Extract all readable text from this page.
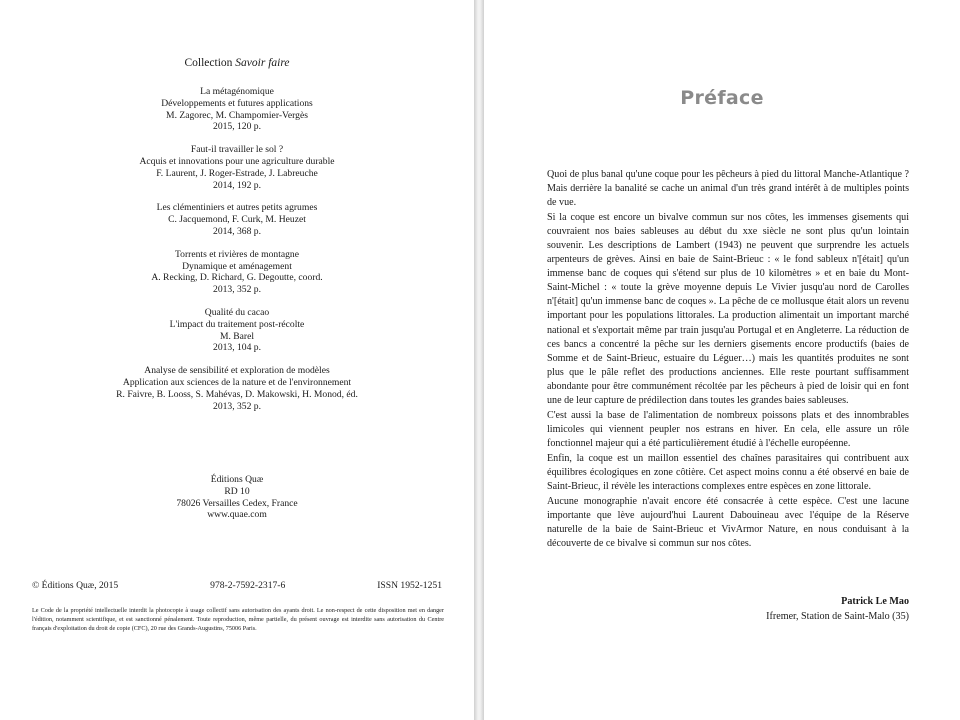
Collection Savoir faire
La métagénomique
Développements et futures applications
M. Zagorec, M. Champomier-Vergès
2015, 120 p.
Faut-il travailler le sol ?
Acquis et innovations pour une agriculture durable
F. Laurent, J. Roger-Estrade, J. Labreuche
2014, 192 p.
Les clémentiniers et autres petits agrumes
C. Jacquemond, F. Curk, M. Heuzet
2014, 368 p.
Torrents et rivières de montagne
Dynamique et aménagement
A. Recking, D. Richard, G. Degoutte, coord.
2013, 352 p.
Qualité du cacao
L'impact du traitement post-récolte
M. Barel
2013, 104 p.
Analyse de sensibilité et exploration de modèles
Application aux sciences de la nature et de l'environnement
R. Faivre, B. Looss, S. Mahévas, D. Makowski, H. Monod, éd.
2013, 352 p.
Éditions Quæ
RD 10
78026 Versailles Cedex, France
www.quae.com
© Éditions Quæ, 2015	978-2-7592-2317-6	ISSN 1952-1251
Le Code de la propriété intellectuelle interdit la photocopie à usage collectif sans autorisation des ayants droit. Le non-respect de cette disposition met en danger l'édition, notamment scientifique, et est sanctionné pénalement. Toute reproduction, même partielle, du présent ouvrage est interdite sans autorisation du Centre français d'exploitation du droit de copie (CFC), 20 rue des Grands-Augustins, 75006 Paris.
Préface

Quoi de plus banal qu'une coque pour les pêcheurs à pied du littoral Manche-Atlantique ? Mais derrière la banalité se cache un animal d'un très grand intérêt à de multiples points de vue.

Si la coque est encore un bivalve commun sur nos côtes, les immenses gisements qui couvraient nos baies sableuses au début du xxe siècle ne sont plus qu'un lointain souvenir. Les descriptions de Lambert (1943) ne peuvent que surprendre les actuels arpenteurs de grèves. Ainsi en baie de Saint-Brieuc : « le fond sableux n'[était] qu'un immense banc de coques qui s'étend sur plus de 10 kilomètres » et en baie du Mont-Saint-Michel : « toute la grève moyenne depuis Le Vivier jusqu'au nord de Carolles n'[était] qu'un immense banc de coques ». La pêche de ce mollusque était alors un revenu important pour les populations littorales. La production alimentait un important marché national et s'exportait même par train jusqu'au Portugal et en Angleterre. La réduction de ces bancs a concentré la pêche sur les derniers gisements encore productifs (baies de Somme et de Saint-Brieuc, estuaire du Léguer…) mais les quantités produites ne sont plus que le pâle reflet des productions anciennes. Elle reste pourtant suffisamment abondante pour être communément récoltée par les pêcheurs à pied de loisir qui en font une de leur capture de prédilection dans toutes les grandes baies sableuses.

C'est aussi la base de l'alimentation de nombreux poissons plats et des innombrables limicoles qui viennent peupler nos estrans en hiver. En cela, elle assure un rôle fonctionnel majeur qui a été particulièrement étudié à l'échelle européenne.

Enfin, la coque est un maillon essentiel des chaînes parasitaires qui contribuent aux équilibres écologiques en zone côtière. Cet aspect moins connu a été observé en baie de Saint-Brieuc, il révèle les interactions complexes entre espèces en zone littorale.

Aucune monographie n'avait encore été consacrée à cette espèce. C'est une lacune importante que lève aujourd'hui Laurent Dabouineau avec l'équipe de la Réserve naturelle de la baie de Saint-Brieuc et VivArmor Nature, en nous conduisant à la découverte de ce bivalve si commun sur nos côtes.

Patrick Le Mao
Ifremer, Station de Saint-Malo (35)
